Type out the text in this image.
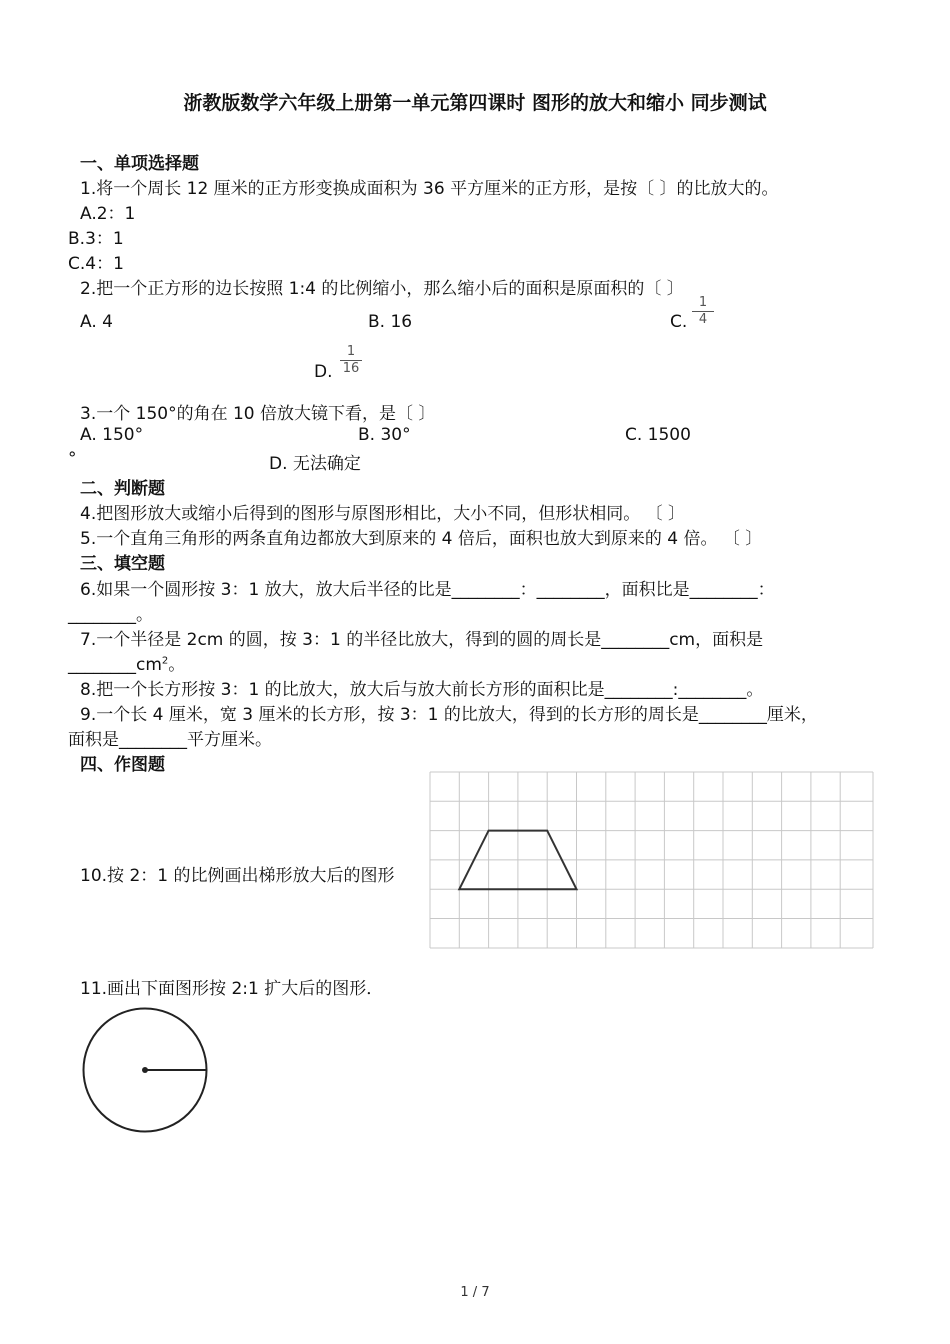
浙教版数学六年级上册第一单元第四课时 图形的放大和缩小 同步测试
一、单项选择题
1.将一个周长 12 厘米的正方形变换成面积为 36 平方厘米的正方形，是按〔 〕的比放大的。
A.2：1
B.3：1
C.4：1
2.把一个正方形的边长按照 1:4 的比例缩小，那么缩小后的面积是原面积的〔 〕
A. 4	B. 16	C.
1
4
D.
1
16
3.一个 150°的角在 10 倍放大镜下看，是〔 〕
A. 150°	B. 30°	C. 1500
°	D. 无法确定
二、判断题
4.把图形放大或缩小后得到的图形与原图形相比，大小不同，但形状相同。 〔 〕
5.一个直角三角形的两条直角边都放大到原来的 4 倍后，面积也放大到原来的 4 倍。 〔 〕
三、填空题
6.如果一个圆形按 3：1 放大，放大后半径的比是________：________，面积比是________：
________。
7.一个半径是 2cm 的圆，按 3：1 的半径比放大，得到的圆的周长是________cm，面积是
$\_\_\_\_\_\_\_\_cm^2$。
8.把一个长方形按 3：1 的比放大，放大后与放大前长方形的面积比是________:________。
9.一个长 4 厘米，宽 3 厘米的长方形，按 3：1 的比放大，得到的长方形的周长是________厘米，
面积是________平方厘米。
四、作图题
10.按 2：1 的比例画出梯形放大后的图形
11.画出下面图形按 2:1 扩大后的图形．
1 / 7
